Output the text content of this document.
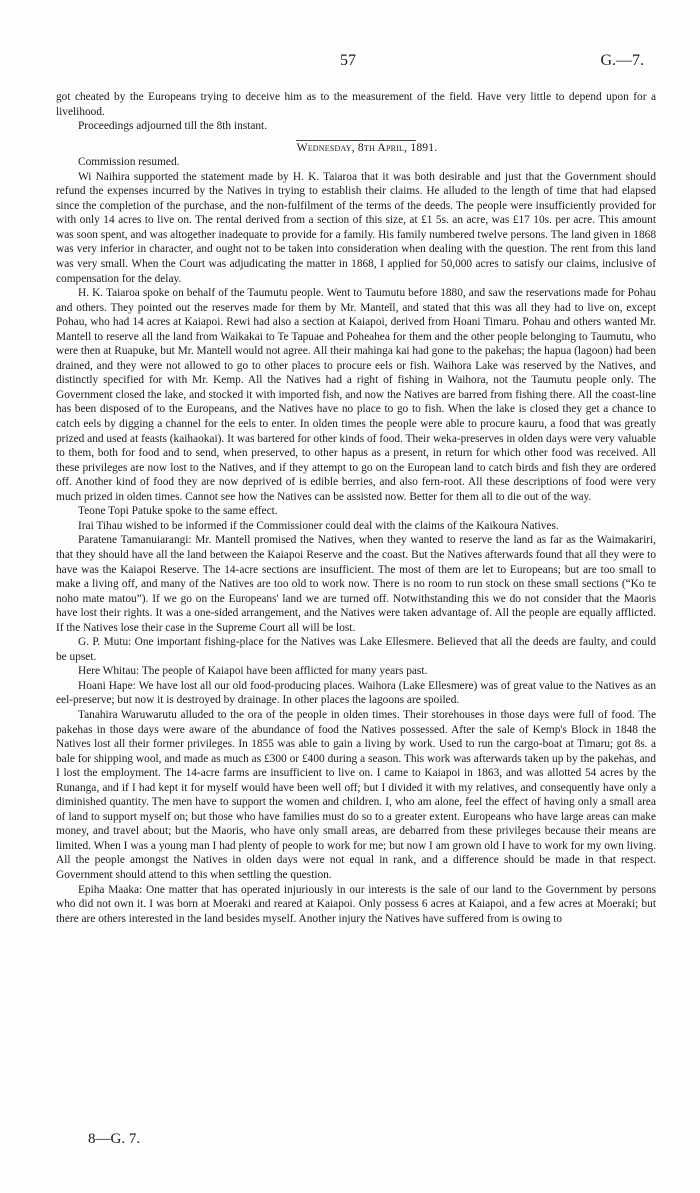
57	G.—7.

got cheated by the Europeans trying to deceive him as to the measurement of the field. Have very little to depend upon for a livelihood.

Proceedings adjourned till the 8th instant.

Wednesday, 8th April, 1891.

Commission resumed.

Wi Naihira supported the statement made by H. K. Taiaroa that it was both desirable and just that the Government should refund the expenses incurred by the Natives in trying to establish their claims. He alluded to the length of time that had elapsed since the completion of the purchase, and the non-fulfilment of the terms of the deeds. The people were insufficiently provided for with only 14 acres to live on. The rental derived from a section of this size, at £1 5s. an acre, was £17 10s. per acre. This amount was soon spent, and was altogether inadequate to provide for a family. His family numbered twelve persons. The land given in 1868 was very inferior in character, and ought not to be taken into consideration when dealing with the question. The rent from this land was very small. When the Court was adjudicating the matter in 1868, I applied for 50,000 acres to satisfy our claims, inclusive of compensation for the delay.

H. K. Taiaroa spoke on behalf of the Taumutu people. Went to Taumutu before 1880, and saw the reservations made for Pohau and others. They pointed out the reserves made for them by Mr. Mantell, and stated that this was all they had to live on, except Pohau, who had 14 acres at Kaiapoi. Rewi had also a section at Kaiapoi, derived from Hoani Timaru. Pohau and others wanted Mr. Mantell to reserve all the land from Waikakai to Te Tapuae and Poheahea for them and the other people belonging to Taumutu, who were then at Ruapuke, but Mr. Mantell would not agree. All their mahinga kai had gone to the pakehas; the hapua (lagoon) had been drained, and they were not allowed to go to other places to procure eels or fish. Waihora Lake was reserved by the Natives, and distinctly specified for with Mr. Kemp. All the Natives had a right of fishing in Waihora, not the Taumutu people only. The Government closed the lake, and stocked it with imported fish, and now the Natives are barred from fishing there. All the coast-line has been disposed of to the Europeans, and the Natives have no place to go to fish. When the lake is closed they get a chance to catch eels by digging a channel for the eels to enter. In olden times the people were able to procure kauru, a food that was greatly prized and used at feasts (kaihaokai). It was bartered for other kinds of food. Their weka-preserves in olden days were very valuable to them, both for food and to send, when preserved, to other hapus as a present, in return for which other food was received. All these privileges are now lost to the Natives, and if they attempt to go on the European land to catch birds and fish they are ordered off. Another kind of food they are now deprived of is edible berries, and also fern-root. All these descriptions of food were very much prized in olden times. Cannot see how the Natives can be assisted now. Better for them all to die out of the way.

Teone Topi Patuke spoke to the same effect.

Irai Tihau wished to be informed if the Commissioner could deal with the claims of the Kaikoura Natives.

Paratene Tamanuiarangi: Mr. Mantell promised the Natives, when they wanted to reserve the land as far as the Waimakariri, that they should have all the land between the Kaiapoi Reserve and the coast. But the Natives afterwards found that all they were to have was the Kaiapoi Reserve. The 14-acre sections are insufficient. The most of them are let to Europeans; but are too small to make a living off, and many of the Natives are too old to work now. There is no room to run stock on these small sections (“Ko te noho mate matou”). If we go on the Europeans' land we are turned off. Notwithstanding this we do not consider that the Maoris have lost their rights. It was a one-sided arrangement, and the Natives were taken advantage of. All the people are equally afflicted. If the Natives lose their case in the Supreme Court all will be lost.

G. P. Mutu: One important fishing-place for the Natives was Lake Ellesmere. Believed that all the deeds are faulty, and could be upset.

Here Whitau: The people of Kaiapoi have been afflicted for many years past.

Hoani Hape: We have lost all our old food-producing places. Waihora (Lake Ellesmere) was of great value to the Natives as an eel-preserve; but now it is destroyed by drainage. In other places the lagoons are spoiled.

Tanahira Waruwarutu alluded to the ora of the people in olden times. Their storehouses in those days were full of food. The pakehas in those days were aware of the abundance of food the Natives possessed. After the sale of Kemp's Block in 1848 the Natives lost all their former privileges. In 1855 was able to gain a living by work. Used to run the cargo-boat at Timaru; got 8s. a bale for shipping wool, and made as much as £300 or £400 during a season. This work was afterwards taken up by the pakehas, and I lost the employment. The 14-acre farms are insufficient to live on. I came to Kaiapoi in 1863, and was allotted 54 acres by the Runanga, and if I had kept it for myself would have been well off; but I divided it with my relatives, and consequently have only a diminished quantity. The men have to support the women and children. I, who am alone, feel the effect of having only a small area of land to support myself on; but those who have families must do so to a greater extent. Europeans who have large areas can make money, and travel about; but the Maoris, who have only small areas, are debarred from these privileges because their means are limited. When I was a young man I had plenty of people to work for me; but now I am grown old I have to work for my own living. All the people amongst the Natives in olden days were not equal in rank, and a difference should be made in that respect. Government should attend to this when settling the question.

Epiha Maaka: One matter that has operated injuriously in our interests is the sale of our land to the Government by persons who did not own it. I was born at Moeraki and reared at Kaiapoi. Only possess 6 acres at Kaiapoi, and a few acres at Moeraki; but there are others interested in the land besides myself. Another injury the Natives have suffered from is owing to

8—G. 7.
